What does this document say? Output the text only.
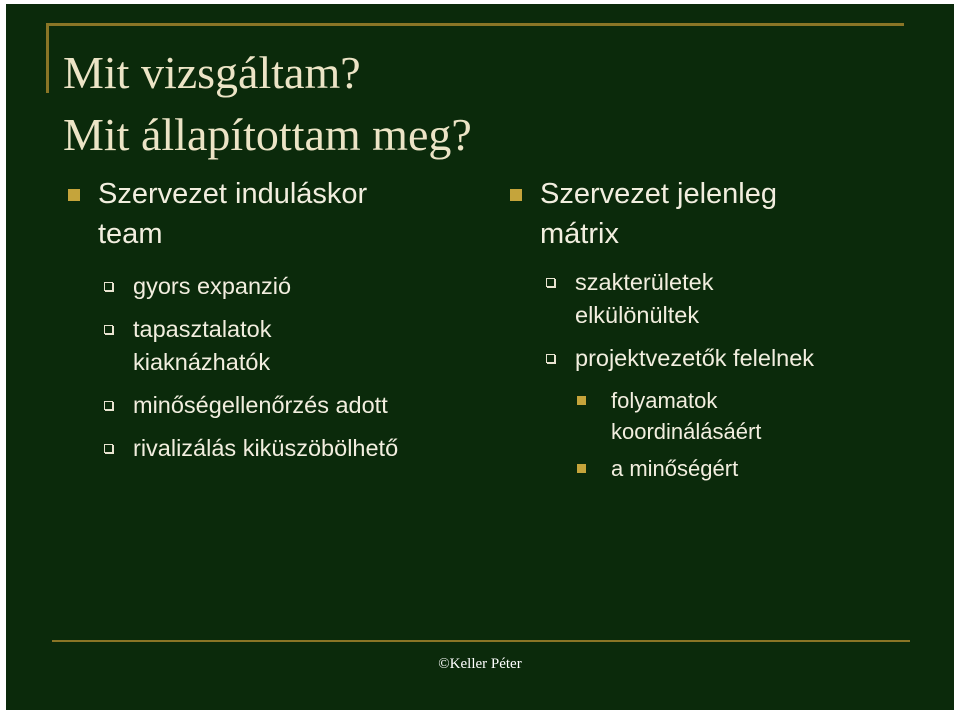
Mit vizsgáltam?
Mit állapítottam meg?
Szervezet induláskor
team
gyors expanzió
tapasztalatok
kiaknázhatók
minőségellenőrzés adott
rivalizálás kiküszöbölhető
Szervezet jelenleg
mátrix
szakterületek
elkülönültek
projektvezetők felelnek
folyamatok
koordinálásáért
a minőségért
©Keller Péter
